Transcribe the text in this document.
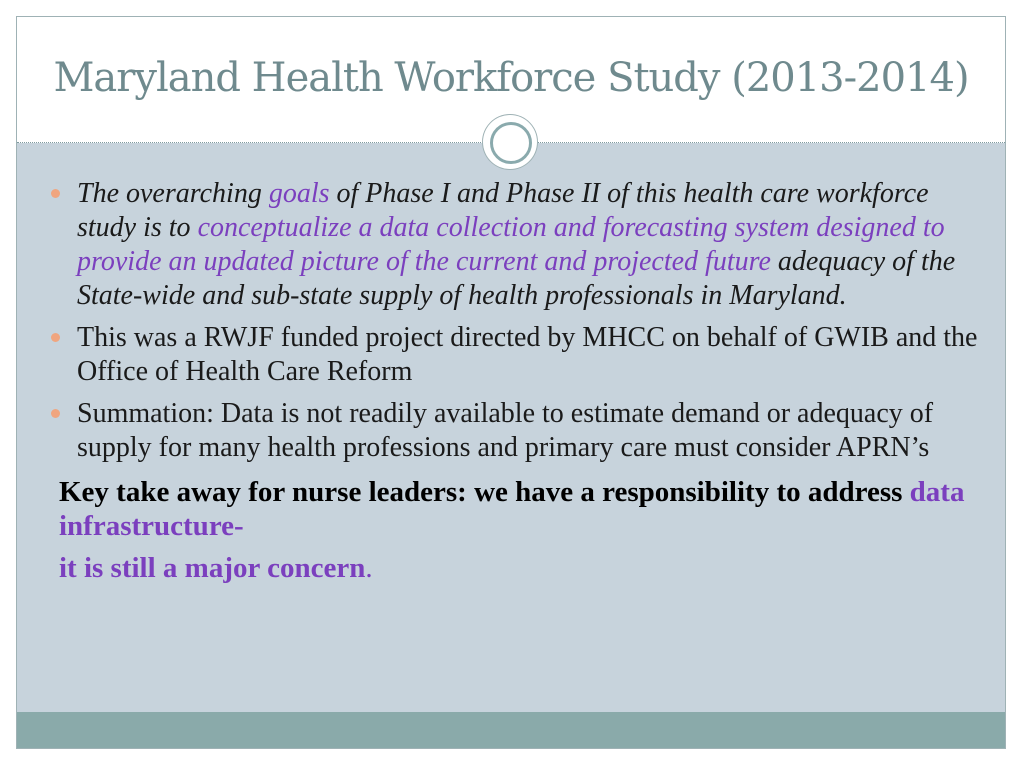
Maryland Health Workforce Study (2013-2014)
The overarching goals of Phase I and Phase II of this health care workforce study is to conceptualize a data collection and forecasting system designed to provide an updated picture of the current and projected future adequacy of the State-wide and sub-state supply of health professionals in Maryland.
This was a RWJF funded project directed by MHCC on behalf of GWIB and the Office of Health Care Reform
Summation: Data is not readily available to estimate demand or adequacy of supply for many health professions and primary care must consider APRN’s
Key take away for nurse leaders: we have a responsibility to address data infrastructure-
it is still a major concern.
